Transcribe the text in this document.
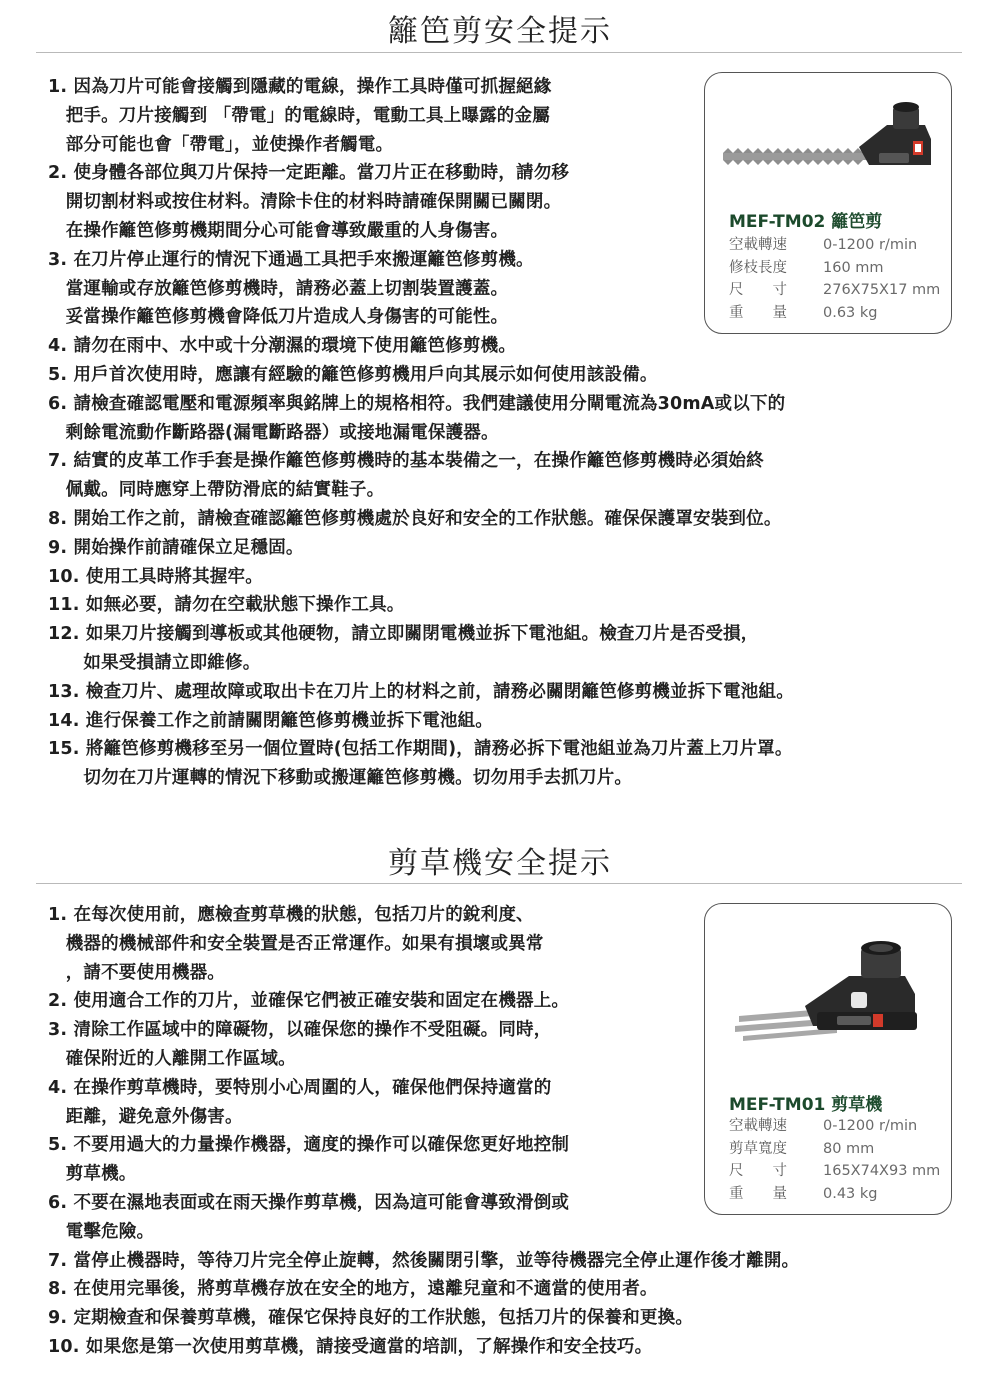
籬笆剪安全提示
1. 因為刀片可能會接觸到隱藏的電線，操作工具時僅可抓握絕緣
　把手。刀片接觸到 「帶電」的電線時，電動工具上曝露的金屬
　部分可能也會「帶電」，並使操作者觸電。
2. 使身體各部位與刀片保持一定距離。當刀片正在移動時，請勿移
　開切割材料或按住材料。清除卡住的材料時請確保開關已關閉。
　在操作籬笆修剪機期間分心可能會導致嚴重的人身傷害。
3. 在刀片停止運行的情況下通過工具把手來搬運籬笆修剪機。
　當運輸或存放籬笆修剪機時，請務必蓋上切割裝置護蓋。
　妥當操作籬笆修剪機會降低刀片造成人身傷害的可能性。
4. 請勿在雨中、水中或十分潮濕的環境下使用籬笆修剪機。
5. 用戶首次使用時，應讓有經驗的籬笆修剪機用戶向其展示如何使用該設備。
6. 請檢查確認電壓和電源頻率與銘牌上的規格相符。我們建議使用分閘電流為30mA或以下的
　剩餘電流動作斷路器(漏電斷路器）或接地漏電保護器。
7. 結實的皮革工作手套是操作籬笆修剪機時的基本裝備之一，在操作籬笆修剪機時必須始終
　佩戴。同時應穿上帶防滑底的結實鞋子。
8. 開始工作之前，請檢查確認籬笆修剪機處於良好和安全的工作狀態。確保保護罩安裝到位。
9. 開始操作前請確保立足穩固。
10. 使用工具時將其握牢。
11. 如無必要，請勿在空載狀態下操作工具。
12. 如果刀片接觸到導板或其他硬物，請立即關閉電機並拆下電池組。檢查刀片是否受損，
　　如果受損請立即維修。
13. 檢查刀片、處理故障或取出卡在刀片上的材料之前，請務必關閉籬笆修剪機並拆下電池組。
14. 進行保養工作之前請關閉籬笆修剪機並拆下電池組。
15. 將籬笆修剪機移至另一個位置時(包括工作期間)，請務必拆下電池組並為刀片蓋上刀片罩。
　　切勿在刀片運轉的情況下移動或搬運籬笆修剪機。切勿用手去抓刀片。
MEF-TM02 籬笆剪
空載轉速	0-1200 r/min
修枝長度	160 mm
尺　　寸	276X75X17 mm
重　　量	0.63 kg
剪草機安全提示
1. 在每次使用前，應檢查剪草機的狀態，包括刀片的銳利度、
　機器的機械部件和安全裝置是否正常運作。如果有損壞或異常
　，請不要使用機器。
2. 使用適合工作的刀片，並確保它們被正確安裝和固定在機器上。
3. 清除工作區域中的障礙物，以確保您的操作不受阻礙。同時，
　確保附近的人離開工作區域。
4. 在操作剪草機時，要特別小心周圍的人，確保他們保持適當的
　距離，避免意外傷害。
5. 不要用過大的力量操作機器，適度的操作可以確保您更好地控制
　剪草機。
6. 不要在濕地表面或在雨天操作剪草機，因為這可能會導致滑倒或
　電擊危險。
7. 當停止機器時，等待刀片完全停止旋轉，然後關閉引擎，並等待機器完全停止運作後才離開。
8. 在使用完畢後，將剪草機存放在安全的地方，遠離兒童和不適當的使用者。
9. 定期檢查和保養剪草機，確保它保持良好的工作狀態，包括刀片的保養和更換。
10. 如果您是第一次使用剪草機，請接受適當的培訓，了解操作和安全技巧。
MEF-TM01 剪草機
空載轉速	0-1200 r/min
剪草寬度	80 mm
尺　　寸	165X74X93 mm
重　　量	0.43 kg
